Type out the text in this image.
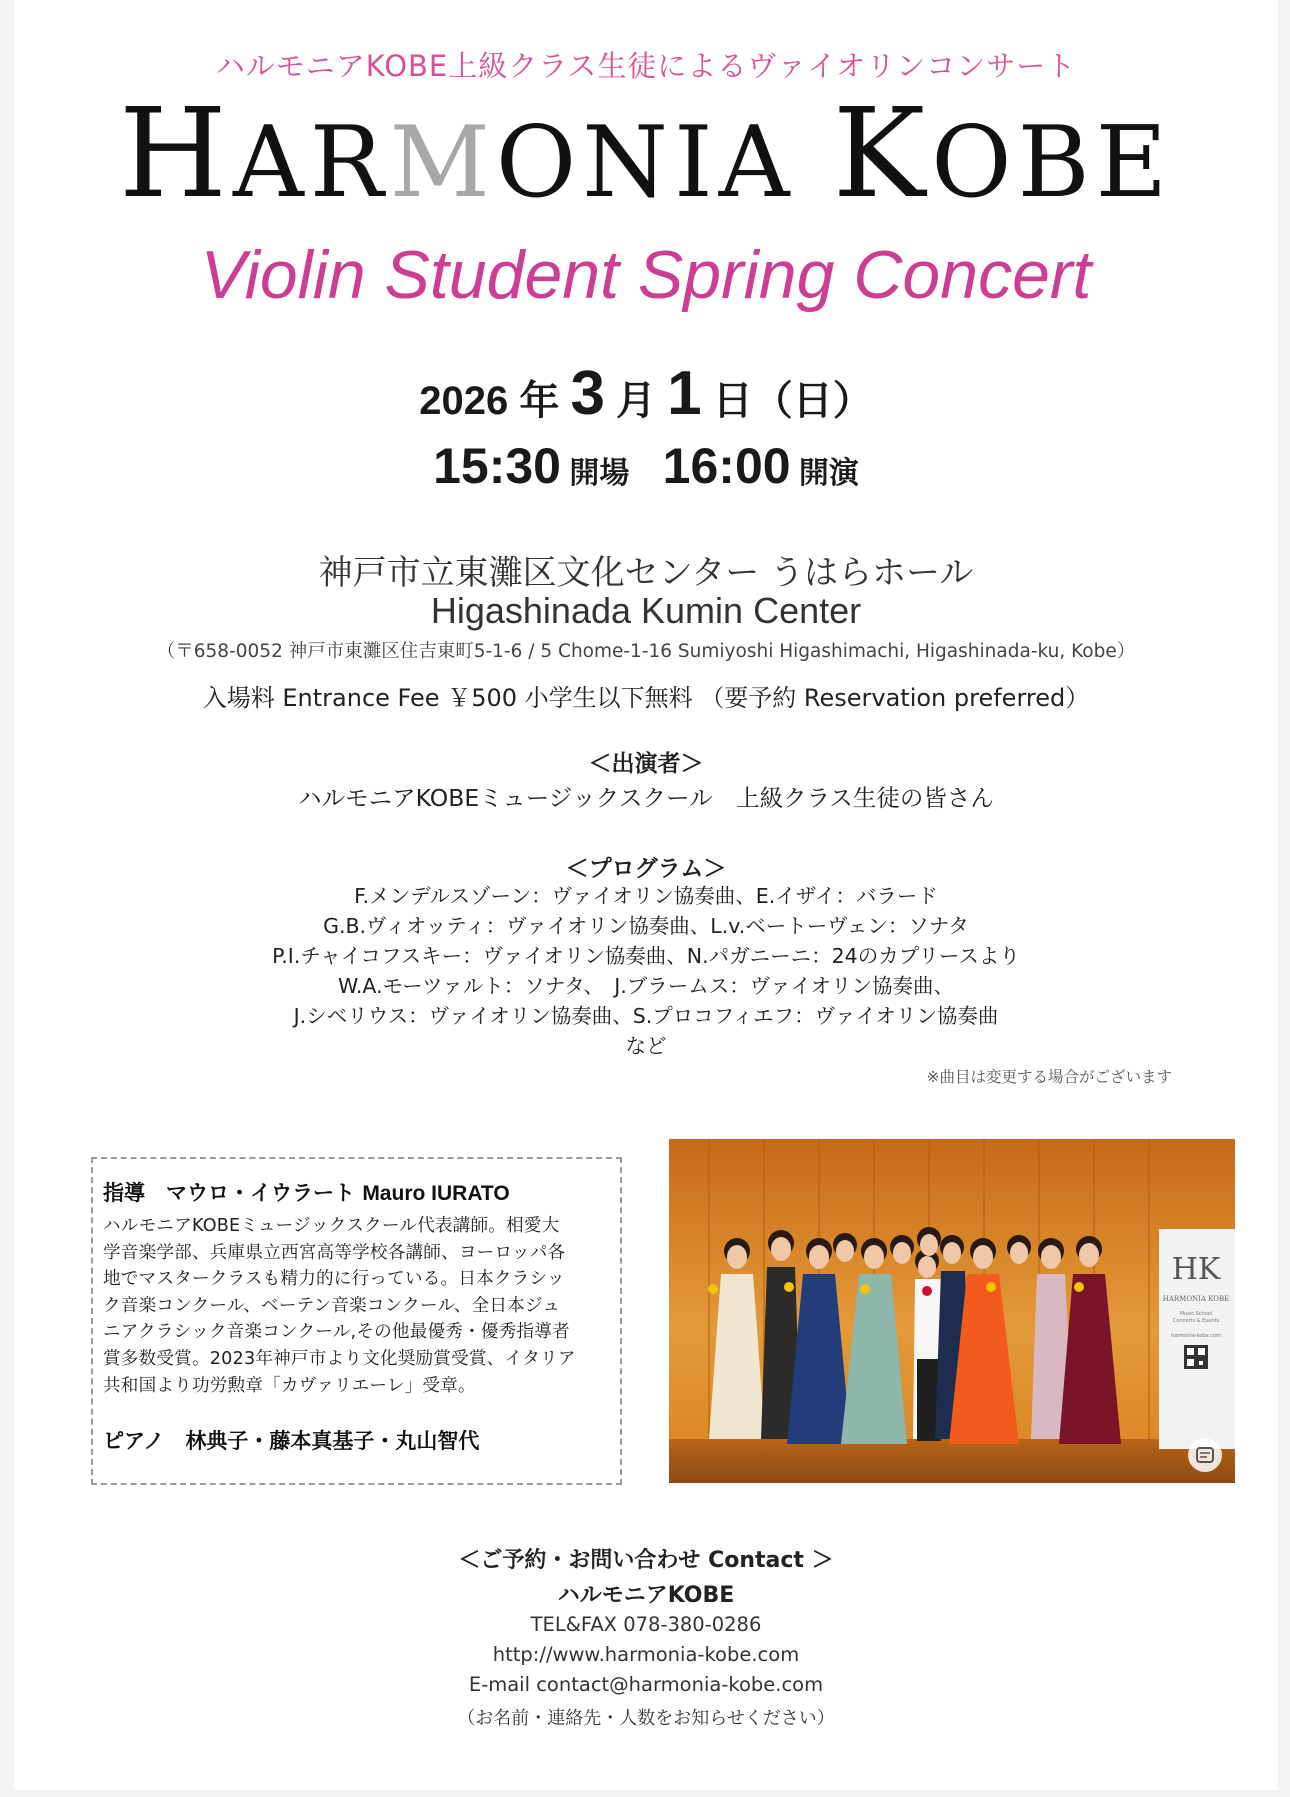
ハルモニアKOBE上級クラス生徒によるヴァイオリンコンサート
HARMONIA KOBE
Violin Student Spring Concert
2026 年 3 月 1 日（日）
15:30 開場 16:00 開演
神戸市立東灘区文化センター うはらホール
Higashinada Kumin Center
（〒658-0052 神戸市東灘区住吉東町5-1-6 / 5 Chome-1-16 Sumiyoshi Higashimachi, Higashinada-ku, Kobe）
入場料 Entrance Fee ￥500 小学生以下無料 （要予約 Reservation preferred）
＜出演者＞
ハルモニアKOBEミュージックスクール　上級クラス生徒の皆さん
＜プログラム＞
F.メンデルスゾーン：ヴァイオリン協奏曲、E.イザイ：バラード
G.B.ヴィオッティ：ヴァイオリン協奏曲、L.v.ベートーヴェン：ソナタ
P.I.チャイコフスキー：ヴァイオリン協奏曲、N.パガニーニ：24のカプリースより
W.A.モーツァルト：ソナタ、　J.ブラームス：ヴァイオリン協奏曲、
J.シベリウス：ヴァイオリン協奏曲、S.プロコフィエフ：ヴァイオリン協奏曲
など
※曲目は変更する場合がございます
指導　マウロ・イウラート Mauro IURATO
ハルモニアKOBEミュージックスクール代表講師。相愛大
学音楽学部、兵庫県立西宮高等学校各講師、ヨーロッパ各
地でマスタークラスも精力的に行っている。日本クラシッ
ク音楽コンクール、ベーテン音楽コンクール、全日本ジュ
ニアクラシック音楽コンクール,その他最優秀・優秀指導者
賞多数受賞。2023年神戸市より文化奨励賞受賞、イタリア
共和国より功労勲章「カヴァリエーレ」受章。
ピアノ　林典子・藤本真基子・丸山智代
HK
HARMONIA KOBE
Music School
Concerts & Events
harmonia-kobe.com
＜ご予約・お問い合わせ Contact ＞
ハルモニアKOBE
TEL&FAX 078-380-0286
http://www.harmonia-kobe.com
E-mail contact@harmonia-kobe.com
（お名前・連絡先・人数をお知らせください）
